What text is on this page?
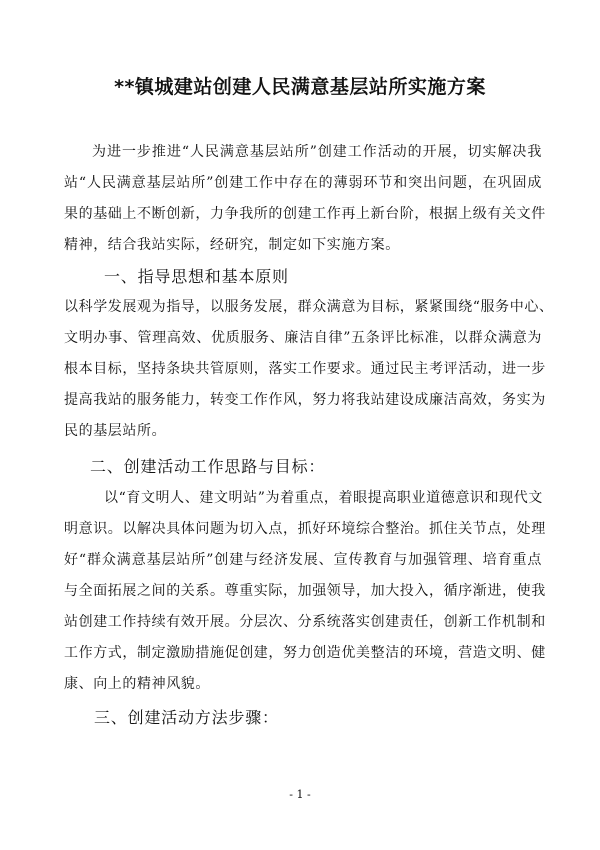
**镇城建站创建人民满意基层站所实施方案
为进一步推进“人民满意基层站所”创建工作活动的开展，切实解决我
站“人民满意基层站所”创建工作中存在的薄弱环节和突出问题，在巩固成
果的基础上不断创新，力争我所的创建工作再上新台阶，根据上级有关文件
精神，结合我站实际，经研究，制定如下实施方案。
一、指导思想和基本原则
以科学发展观为指导，以服务发展，群众满意为目标，紧紧围绕“服务中心、
文明办事、管理高效、优质服务、廉洁自律”五条评比标准，以群众满意为
根本目标，坚持条块共管原则，落实工作要求。通过民主考评活动，进一步
提高我站的服务能力，转变工作作风，努力将我站建设成廉洁高效，务实为
民的基层站所。
二、创建活动工作思路与目标：
以“育文明人、建文明站”为着重点，着眼提高职业道德意识和现代文
明意识。以解决具体问题为切入点，抓好环境综合整治。抓住关节点，处理
好“群众满意基层站所”创建与经济发展、宣传教育与加强管理、培育重点
与全面拓展之间的关系。尊重实际，加强领导，加大投入，循序渐进，使我
站创建工作持续有效开展。分层次、分系统落实创建责任，创新工作机制和
工作方式，制定激励措施促创建，努力创造优美整洁的环境，营造文明、健
康、向上的精神风貌。
三、创建活动方法步骤：
- 1 -
